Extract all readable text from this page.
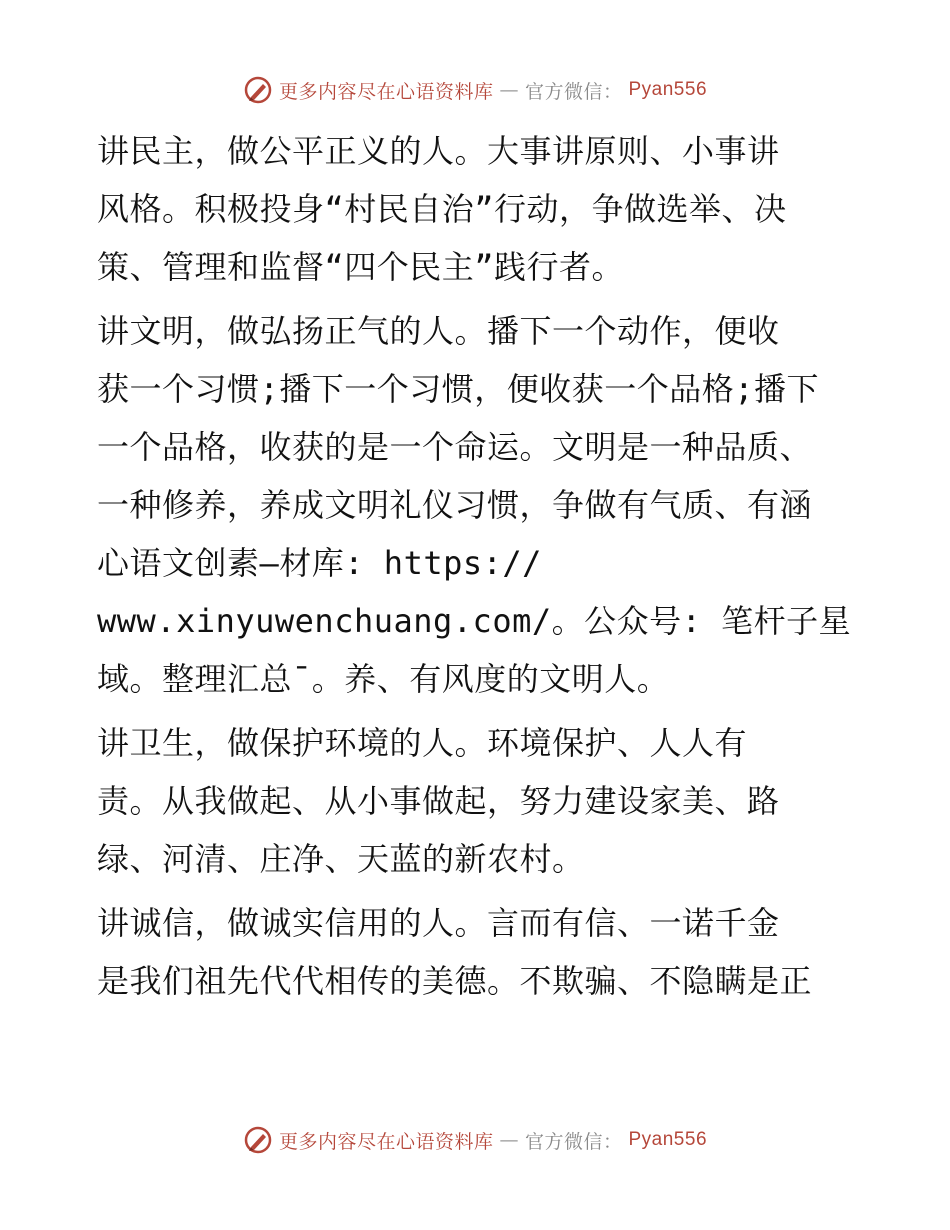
更多内容尽在心语资料库 — 官方微信： Pyan556
讲民主，做公平正义的人。大事讲原则、小事讲
风格。积极投身“村民自治”行动，争做选举、决
策、管理和监督“四个民主”践行者。
讲文明，做弘扬正气的人。播下一个动作，便收
获一个习惯;播下一个习惯，便收获一个品格;播下
一个品格，收获的是一个命运。文明是一种品质、
一种修养，养成文明礼仪习惯，争做有气质、有涵
心语文创素—材库: https://
www.xinyuwenchuang.com/。公众号: 笔杆子星
域。整理汇总¯。养、有风度的文明人。
讲卫生，做保护环境的人。环境保护、人人有
责。从我做起、从小事做起，努力建设家美、路
绿、河清、庄净、天蓝的新农村。
讲诚信，做诚实信用的人。言而有信、一诺千金
是我们祖先代代相传的美德。不欺骗、不隐瞒是正
更多内容尽在心语资料库 — 官方微信： Pyan556
